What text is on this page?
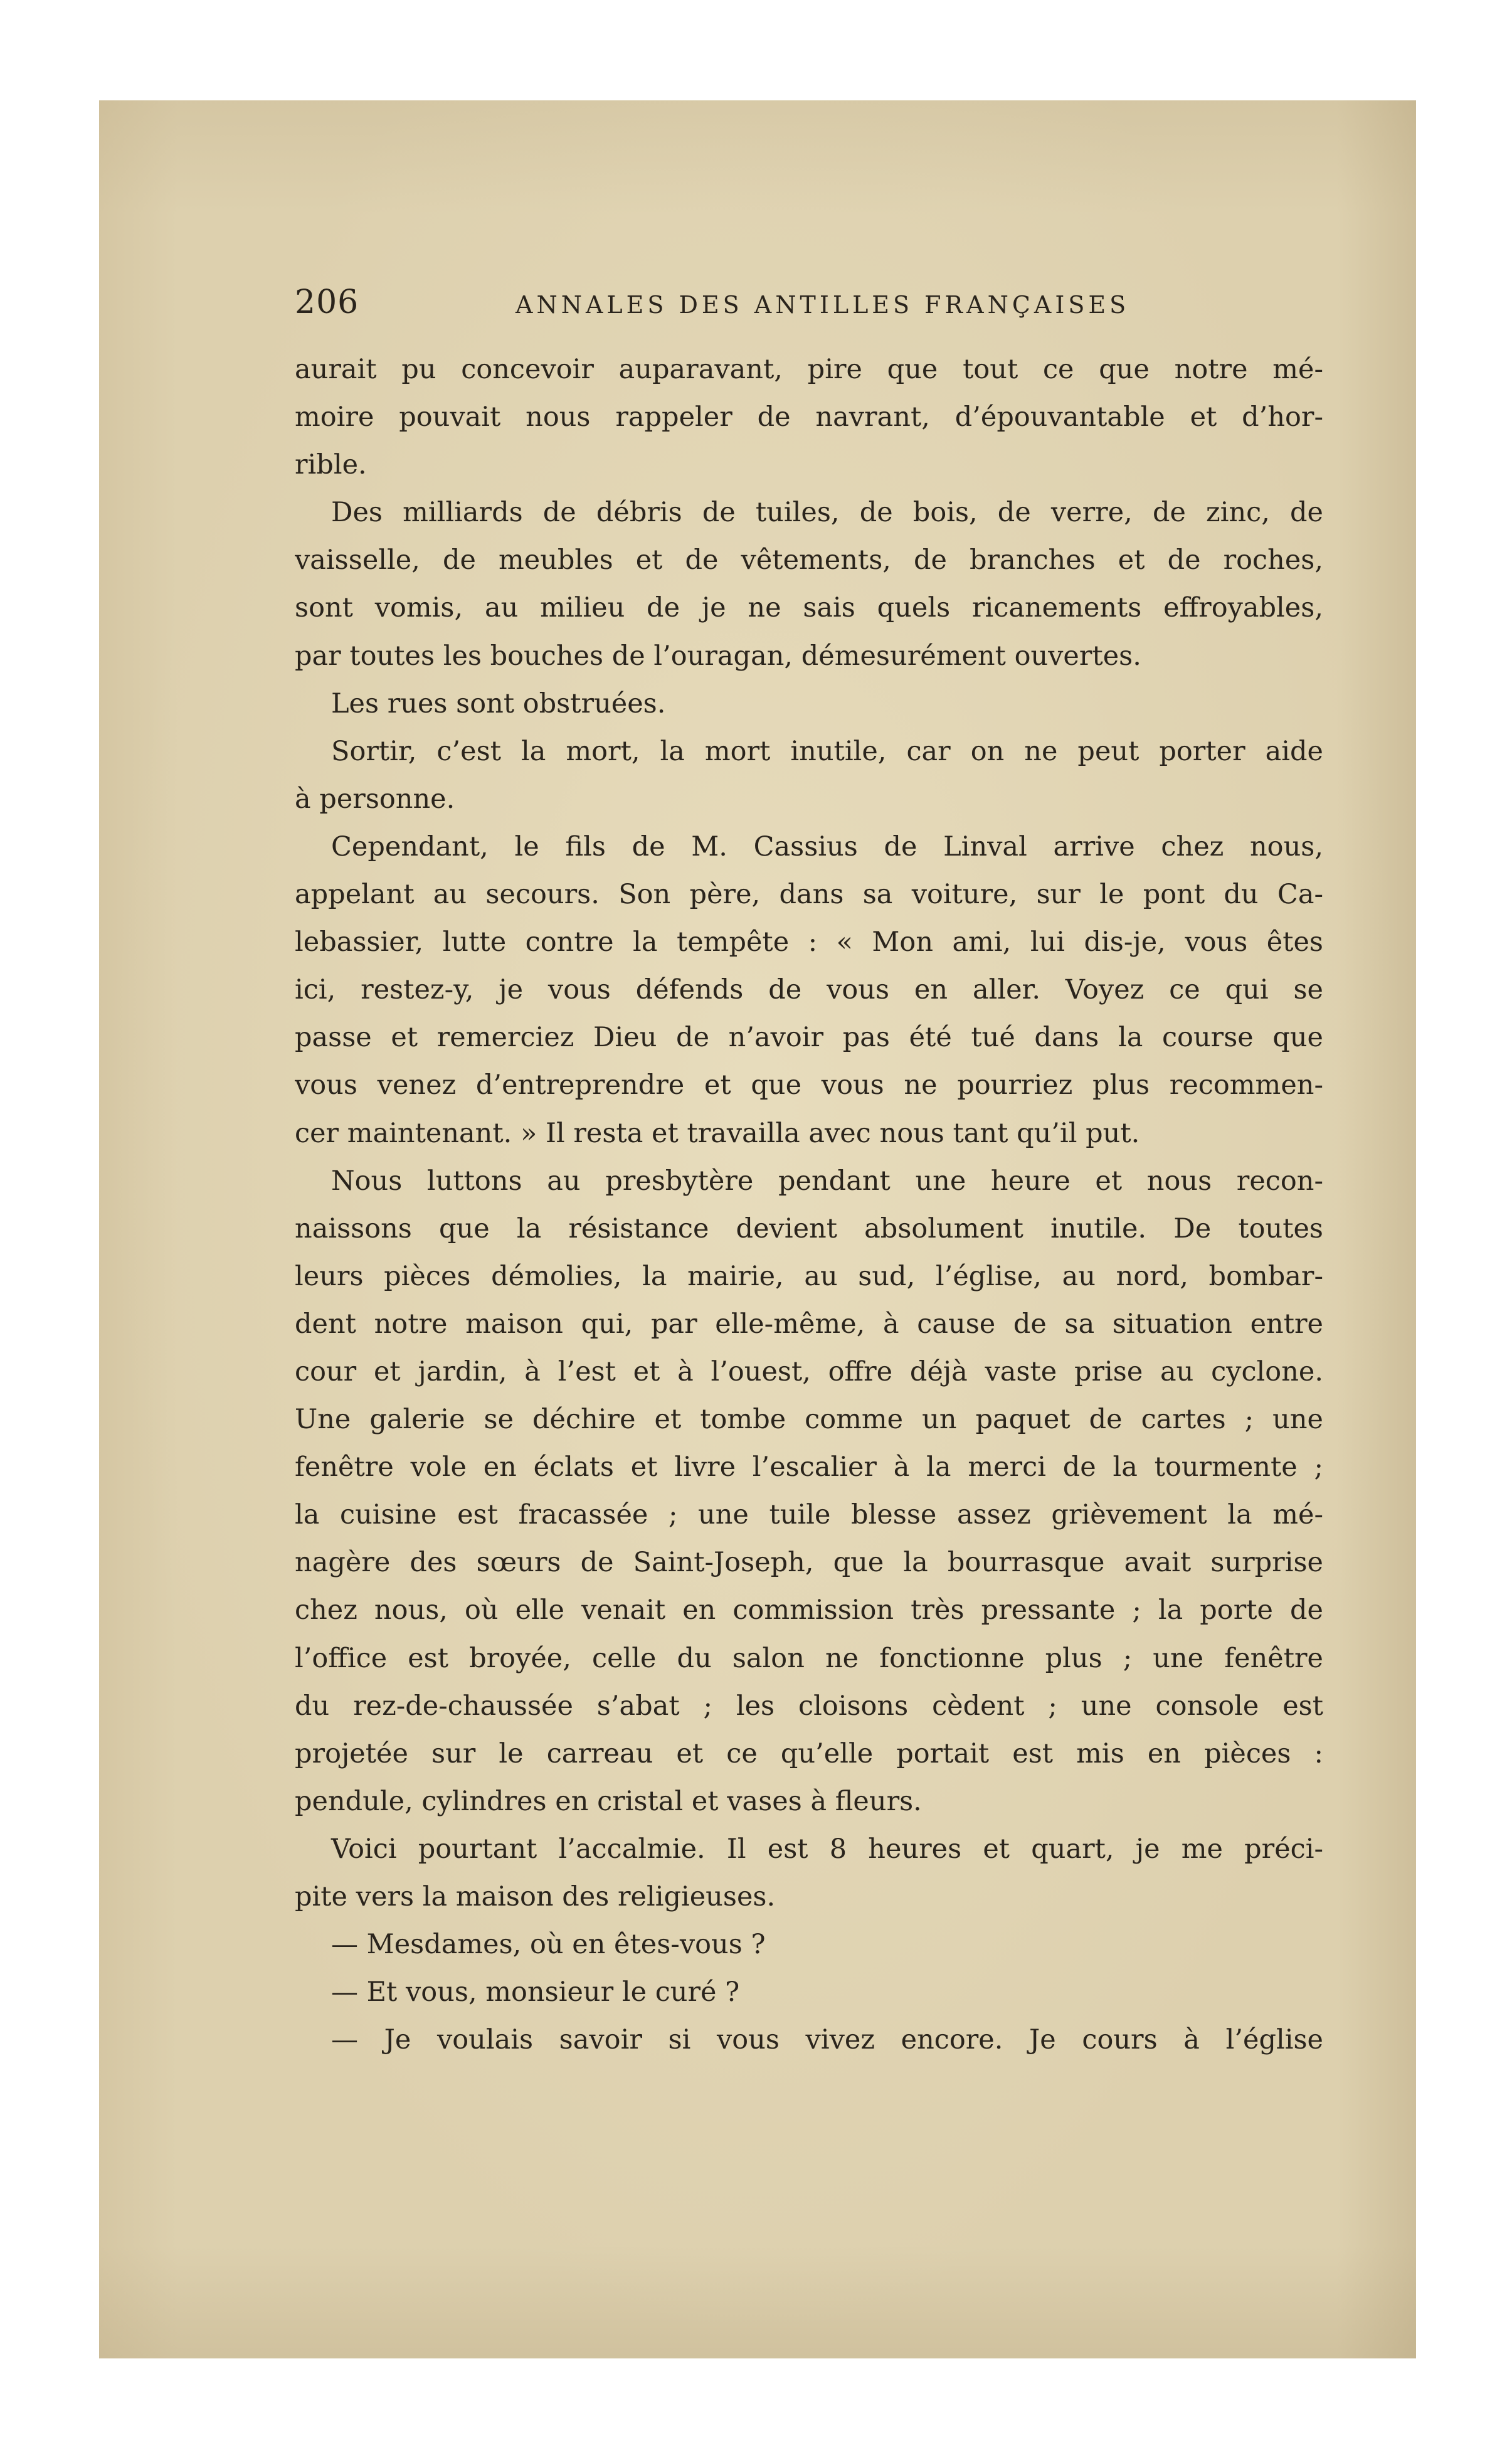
206	ANNALES DES ANTILLES FRANÇAISES
aurait pu concevoir auparavant, pire que tout ce que notre mé-
moire pouvait nous rappeler de navrant, d’épouvantable et d’hor-
rible.
Des milliards de débris de tuiles, de bois, de verre, de zinc, de
vaisselle, de meubles et de vêtements, de branches et de roches,
sont vomis, au milieu de je ne sais quels ricanements effroyables,
par toutes les bouches de l’ouragan, démesurément ouvertes.
Les rues sont obstruées.
Sortir, c’est la mort, la mort inutile, car on ne peut porter aide
à personne.
Cependant, le fils de M. Cassius de Linval arrive chez nous,
appelant au secours. Son père, dans sa voiture, sur le pont du Ca-
lebassier, lutte contre la tempête : « Mon ami, lui dis-je, vous êtes
ici, restez-y, je vous défends de vous en aller. Voyez ce qui se
passe et remerciez Dieu de n’avoir pas été tué dans la course que
vous venez d’entreprendre et que vous ne pourriez plus recommen-
cer maintenant. » Il resta et travailla avec nous tant qu’il put.
Nous luttons au presbytère pendant une heure et nous recon-
naissons que la résistance devient absolument inutile. De toutes
leurs pièces démolies, la mairie, au sud, l’église, au nord, bombar-
dent notre maison qui, par elle-même, à cause de sa situation entre
cour et jardin, à l’est et à l’ouest, offre déjà vaste prise au cyclone.
Une galerie se déchire et tombe comme un paquet de cartes ; une
fenêtre vole en éclats et livre l’escalier à la merci de la tourmente ;
la cuisine est fracassée ; une tuile blesse assez grièvement la mé-
nagère des sœurs de Saint-Joseph, que la bourrasque avait surprise
chez nous, où elle venait en commission très pressante ; la porte de
l’office est broyée, celle du salon ne fonctionne plus ; une fenêtre
du rez-de-chaussée s’abat ; les cloisons cèdent ; une console est
projetée sur le carreau et ce qu’elle portait est mis en pièces :
pendule, cylindres en cristal et vases à fleurs.
Voici pourtant l’accalmie. Il est 8 heures et quart, je me préci-
pite vers la maison des religieuses.
— Mesdames, où en êtes-vous ?
— Et vous, monsieur le curé ?
— Je voulais savoir si vous vivez encore. Je cours à l’église
